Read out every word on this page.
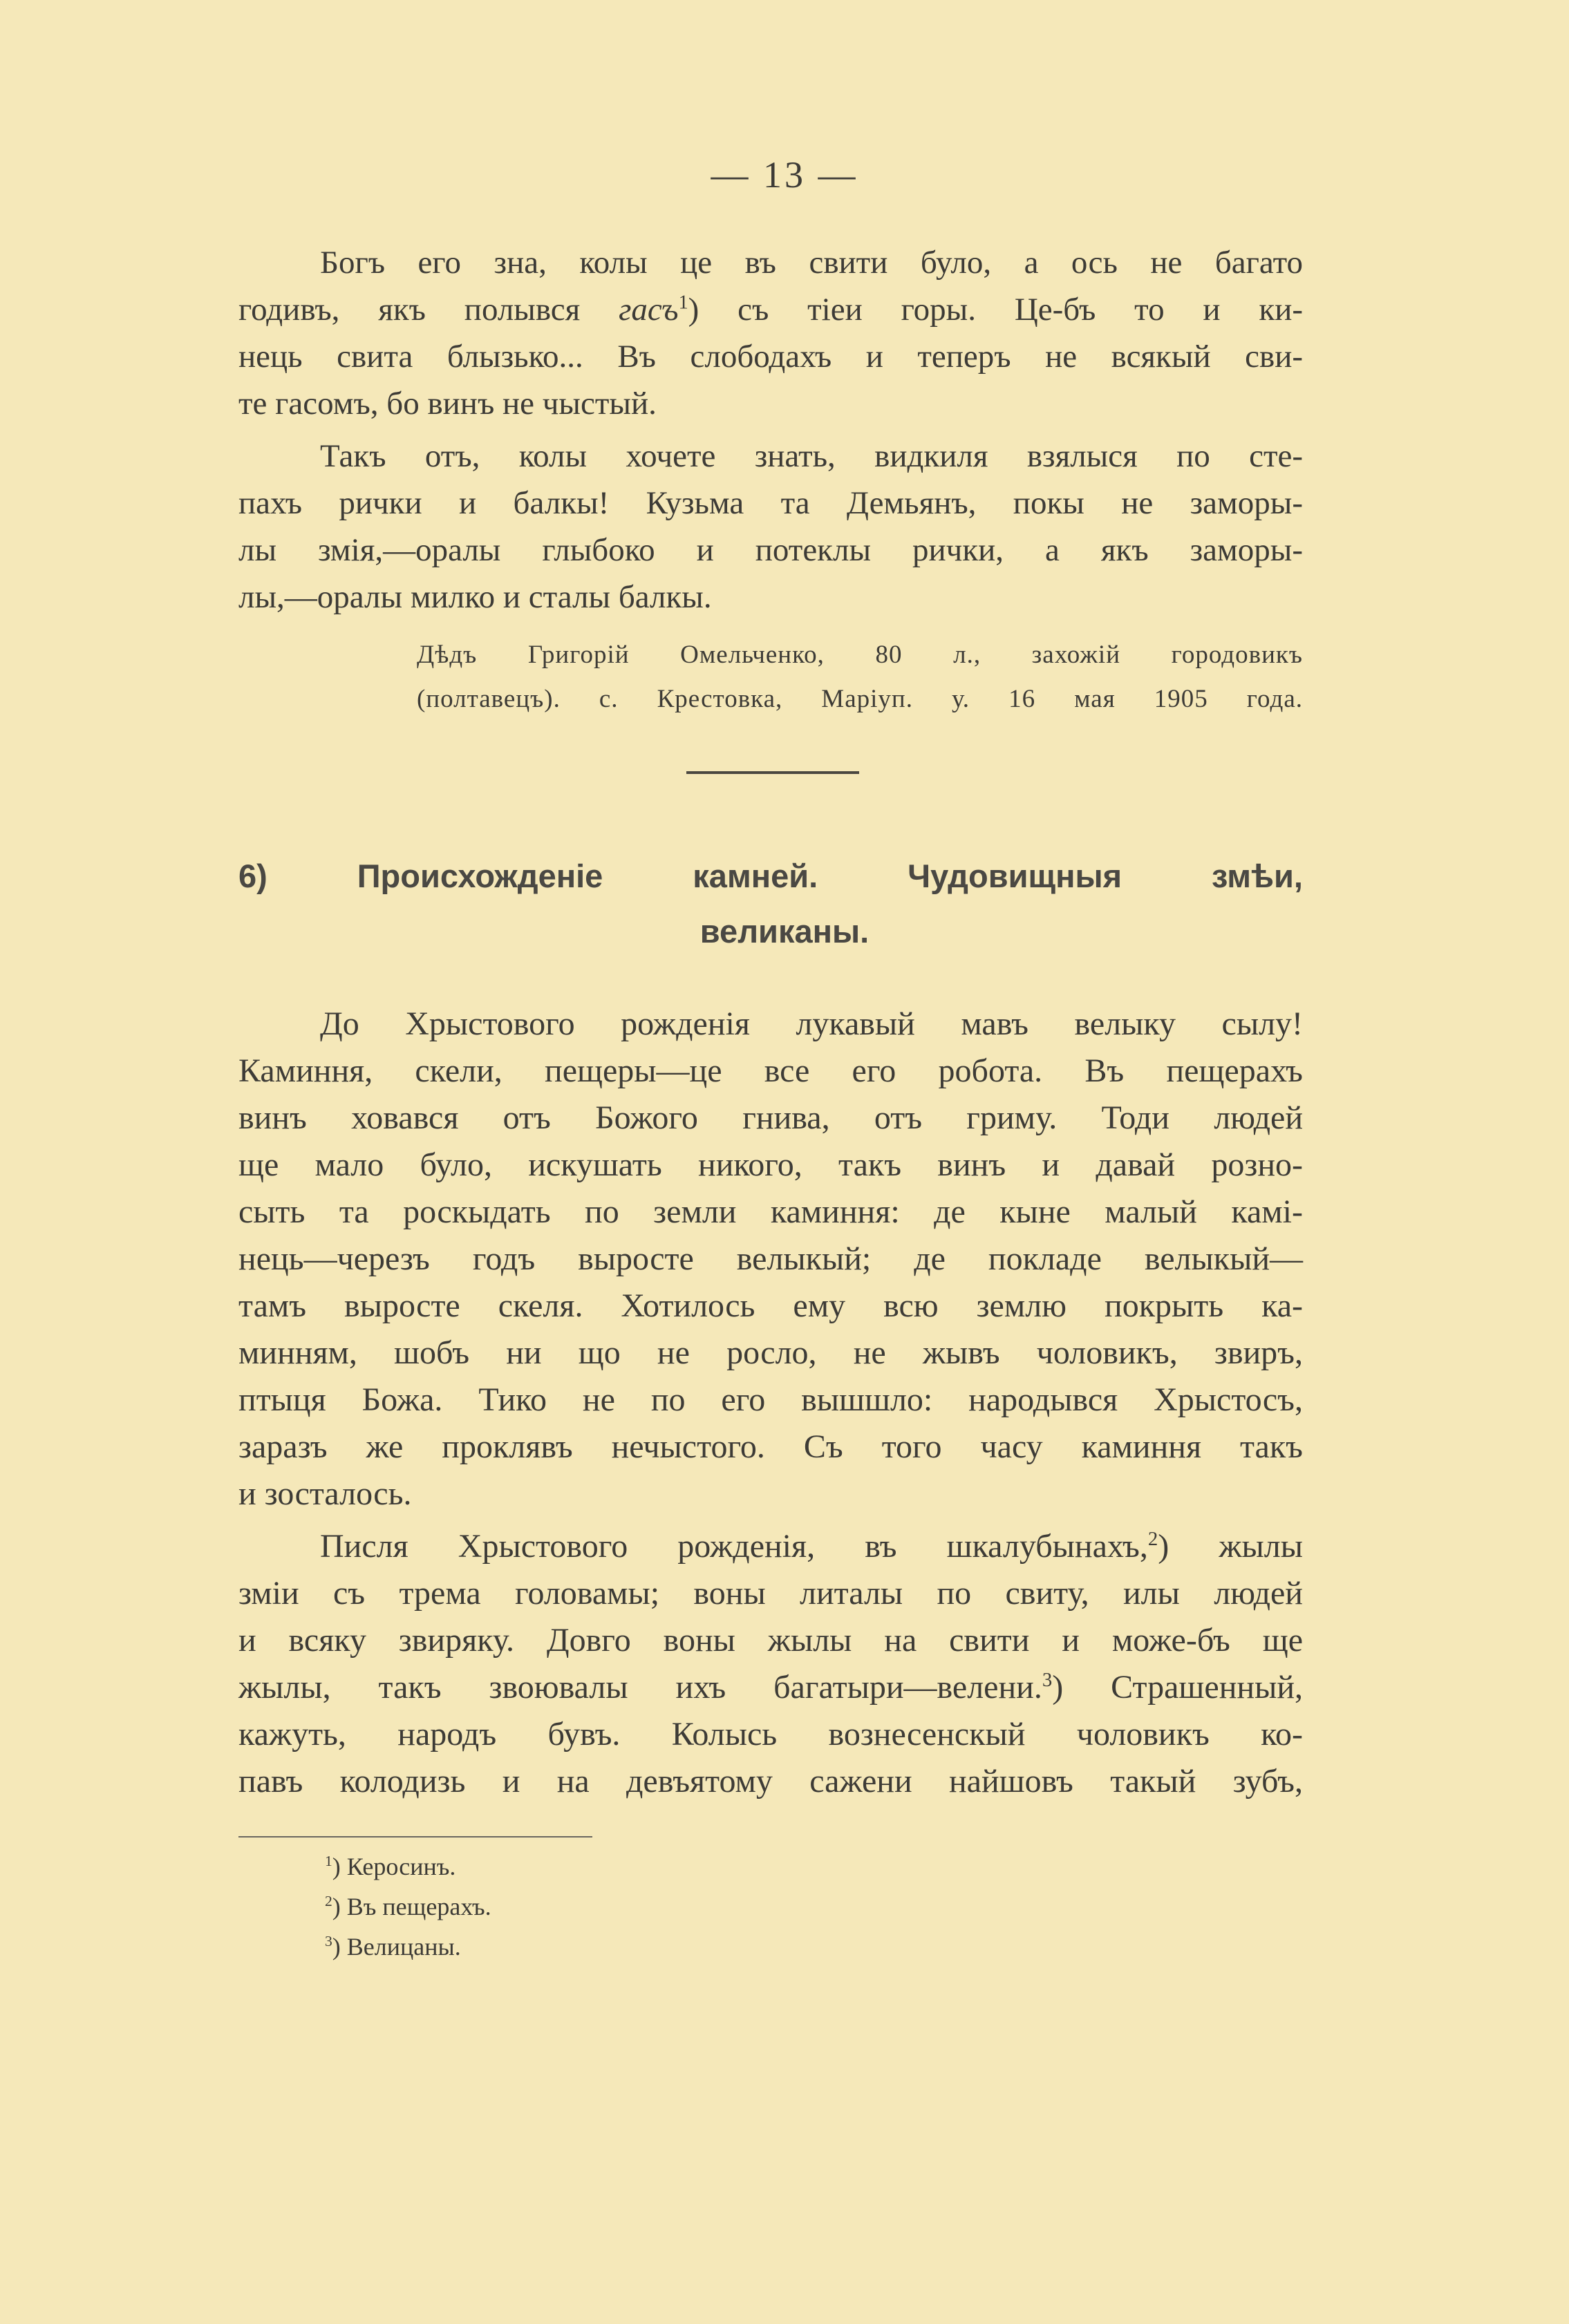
— 13 —
Богъ его зна, колы це въ свити було, а ось не багато
годивъ, якъ полывся гасъ$^1$) съ тіеи горы. Це-бъ то и ки-
нець свита блызько... Въ слободахъ и теперъ не всякый сви-
те гасомъ, бо винъ не чыстый.
Такъ отъ, колы хочете знать, видкиля взялыся по сте-
пахъ рички и балкы! Кузьма та Демьянъ, покы не заморы-
лы змія,—оралы глыбоко и потеклы рички, а якъ заморы-
лы,—оралы милко и сталы балкы.
Дѣдъ Григорій Омельченко, 80 л., захожій городовикъ
(полтавецъ). с. Крестовка, Маріуп. у. 16 мая 1905 года.
6) Происхожденіе камней. Чудовищныя змѣи,
великаны.
До Хрыстового рожденія лукавый мавъ велыку сылу!
Каминня, скели, пещеры—це все его робота. Въ пещерахъ
винъ ховався отъ Божого гнива, отъ гриму. Тоди людей
ще мало було, искушать никого, такъ винъ и давай розно-
сыть та роскыдать по земли каминня: де кыне малый камі-
нець—черезъ годъ выросте велыкый; де покладе велыкый—
тамъ выросте скеля. Хотилось ему всю землю покрыть ка-
минням, шобъ ни що не росло, не жывъ чоловикъ, звиръ,
птыця Божа. Тико не по его вышшло: народывся Хрыстосъ,
заразъ же проклявъ нечыстого. Съ того часу каминня такъ
и зосталось.
Писля Хрыстового рожденія, въ шкалубынахъ,$^2$) жылы
зміи съ трема головамы; воны литалы по свиту, илы людей
и всяку звиряку. Довго воны жылы на свити и може-бъ ще
жылы, такъ звоювалы ихъ багатыри—велени.$^3$) Страшенный,
кажуть, народъ бувъ. Колысь вознесенскый чоловикъ ко-
павъ колодизь и на девъятому сажени найшовъ такый зубъ,
$^1$) Керосинъ.
$^2$) Въ пещерахъ.
$^3$) Велицаны.
